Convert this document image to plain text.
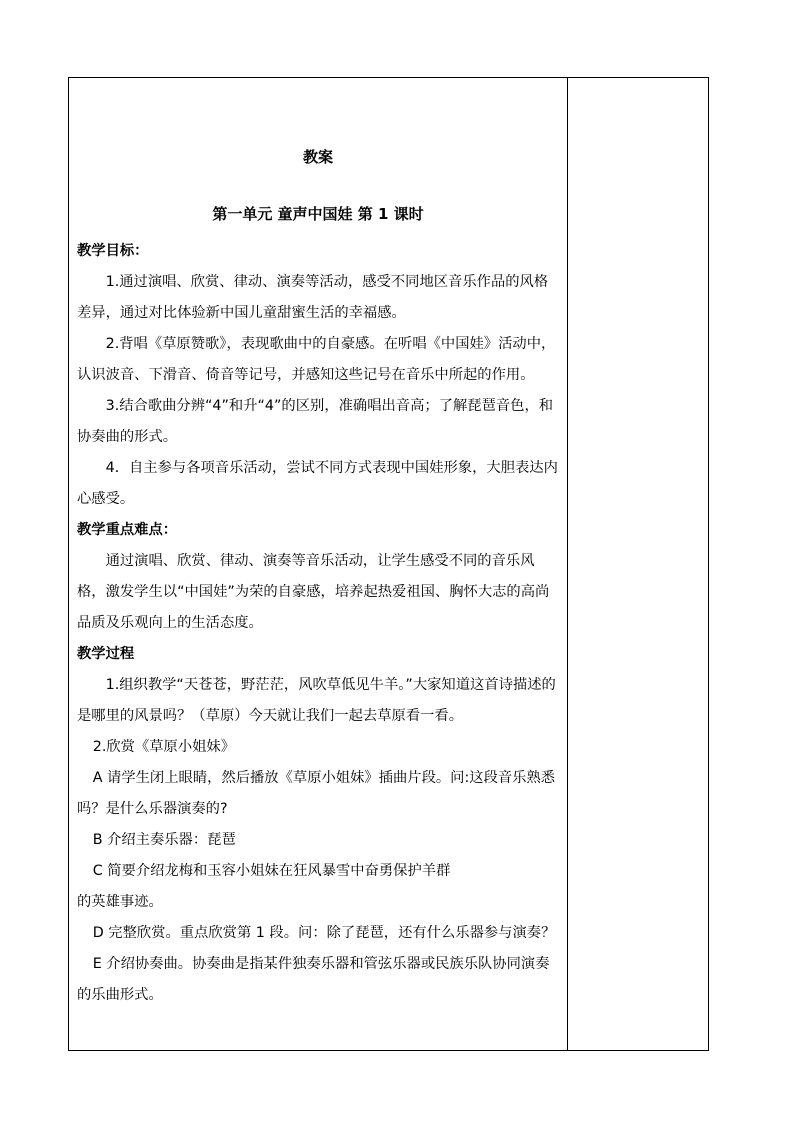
教案
第一单元 童声中国娃 第 1 课时

教学目标：

1.通过演唱、欣赏、律动、演奏等活动，感受不同地区音乐作品的风格差异，通过对比体验新中国儿童甜蜜生活的幸福感。

2.背唱《草原赞歌》，表现歌曲中的自豪感。在听唱《中国娃》活动中，认识波音、下滑音、倚音等记号，并感知这些记号在音乐中所起的作用。

3.结合歌曲分辨“4”和升“4”的区别，准确唱出音高；了解琵琶音色，和协奏曲的形式。

4．自主参与各项音乐活动，尝试不同方式表现中国娃形象，大胆表达内心感受。

教学重点难点：

通过演唱、欣赏、律动、演奏等音乐活动，让学生感受不同的音乐风格，激发学生以“中国娃”为荣的自豪感，培养起热爱祖国、胸怀大志的高尚品质及乐观向上的生活态度。

教学过程

1.组织教学“天苍苍，野茫茫，风吹草低见牛羊。”大家知道这首诗描述的是哪里的风景吗？（草原）今天就让我们一起去草原看一看。

2.欣赏《草原小姐妹》

A 请学生闭上眼睛，然后播放《草原小姐妹》插曲片段。问:这段音乐熟悉吗？是什么乐器演奏的?

B 介绍主奏乐器：琵琶

C 简要介绍龙梅和玉容小姐妹在狂风暴雪中奋勇保护羊群

的英雄事迹。

D 完整欣赏。重点欣赏第 1 段。问：除了琵琶，还有什么乐器参与演奏？

E 介绍协奏曲。协奏曲是指某件独奏乐器和管弦乐器或民族乐队协同演奏的乐曲形式。
